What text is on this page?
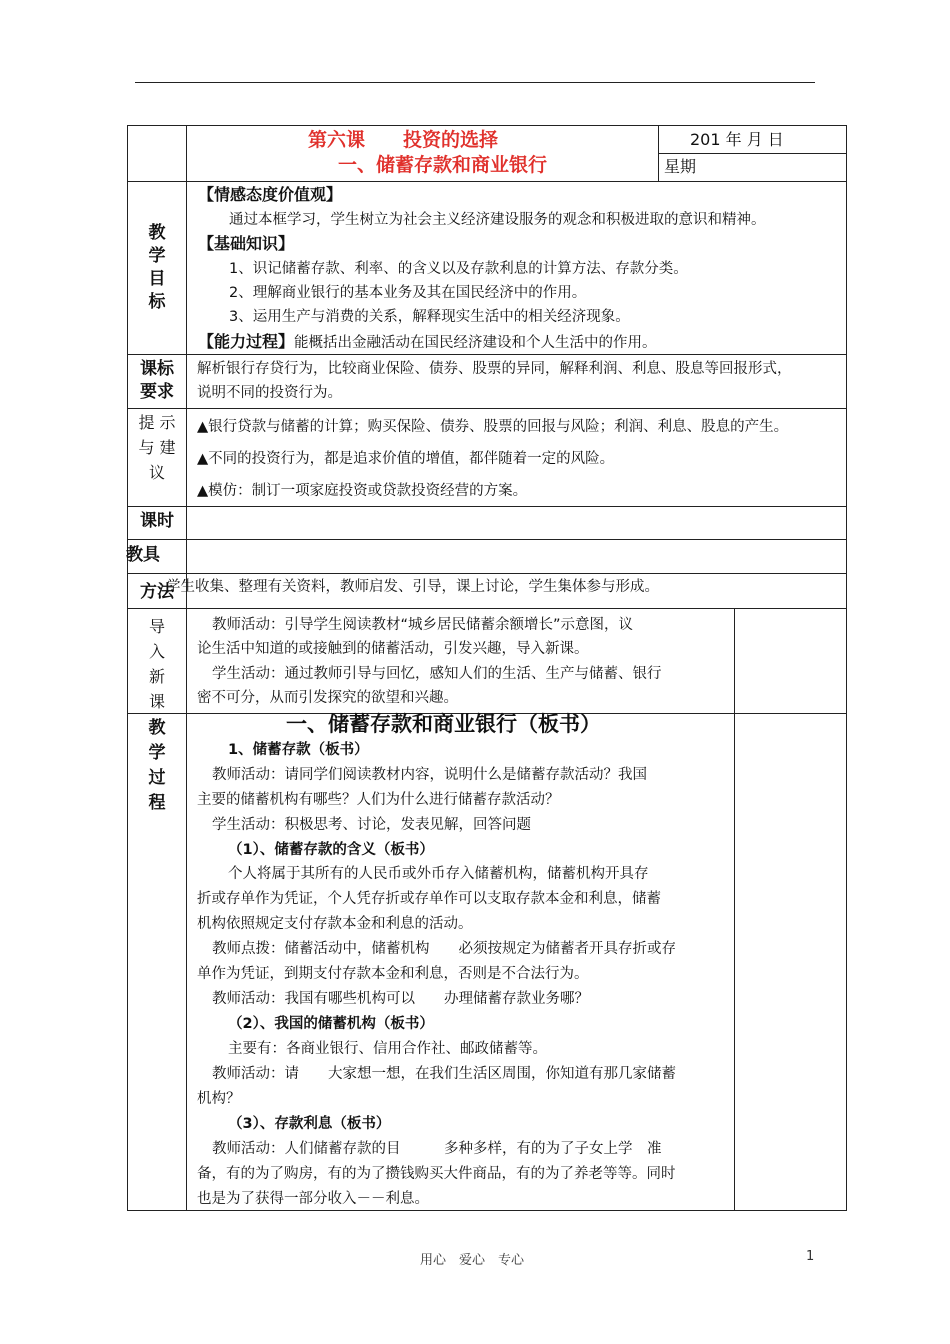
第六课　　投资的选择
一、储蓄存款和商业银行
201 年 月 日
星期
教
学
目
标
【情感态度价值观】
通过本框学习，学生树立为社会主义经济建设服务的观念和积极进取的意识和精神。
【基础知识】
1、识记储蓄存款、利率、的含义以及存款利息的计算方法、存款分类。
2、理解商业银行的基本业务及其在国民经济中的作用。
3、运用生产与消费的关系，解释现实生活中的相关经济现象。
【能力过程】能概括出金融活动在国民经济建设和个人生活中的作用。
课标
要求
解析银行存贷行为，比较商业保险、债券、股票的异同，解释利润、利息、股息等回报形式，
说明不同的投资行为。
提 示
与 建
议
▲银行贷款与储蓄的计算；购买保险、债券、股票的回报与风险；利润、利息、股息的产生。
▲不同的投资行为，都是追求价值的增值，都伴随着一定的风险。
▲模仿：制订一项家庭投资或贷款投资经营的方案。
课时
教具
方法
学生收集、整理有关资料，教师启发、引导，课上讨论，学生集体参与形成。
导
入
新
课
教师活动：引导学生阅读教材“城乡居民储蓄余额增长”示意图，议
论生活中知道的或接触到的储蓄活动，引发兴趣，导入新课。
学生活动：通过教师引导与回忆，感知人们的生活、生产与储蓄、银行
密不可分，从而引发探究的欲望和兴趣。
教
学
过
程
一、储蓄存款和商业银行（板书）
1、储蓄存款（板书）
教师活动：请同学们阅读教材内容，说明什么是储蓄存款活动？我国
主要的储蓄机构有哪些？人们为什么进行储蓄存款活动？
学生活动：积极思考、讨论，发表见解，回答问题
（1）、储蓄存款的含义（板书）
个人将属于其所有的人民币或外币存入储蓄机构，储蓄机构开具存
折或存单作为凭证，个人凭存折或存单作可以支取存款本金和利息，储蓄
机构依照规定支付存款本金和利息的活动。
教师点拨：储蓄活动中，储蓄机构　　必须按规定为储蓄者开具存折或存
单作为凭证，到期支付存款本金和利息，否则是不合法行为。
教师活动：我国有哪些机构可以　　办理储蓄存款业务哪？
（2）、我国的储蓄机构（板书）
主要有：各商业银行、信用合作社、邮政储蓄等。
教师活动：请　　大家想一想，在我们生活区周围，你知道有那几家储蓄
机构？
（3）、存款利息（板书）
教师活动：人们储蓄存款的目　　　多种多样，有的为了子女上学　准
备，有的为了购房，有的为了攒钱购买大件商品，有的为了养老等等。同时
也是为了获得一部分收入－－利息。
用心　爱心　专心	1
